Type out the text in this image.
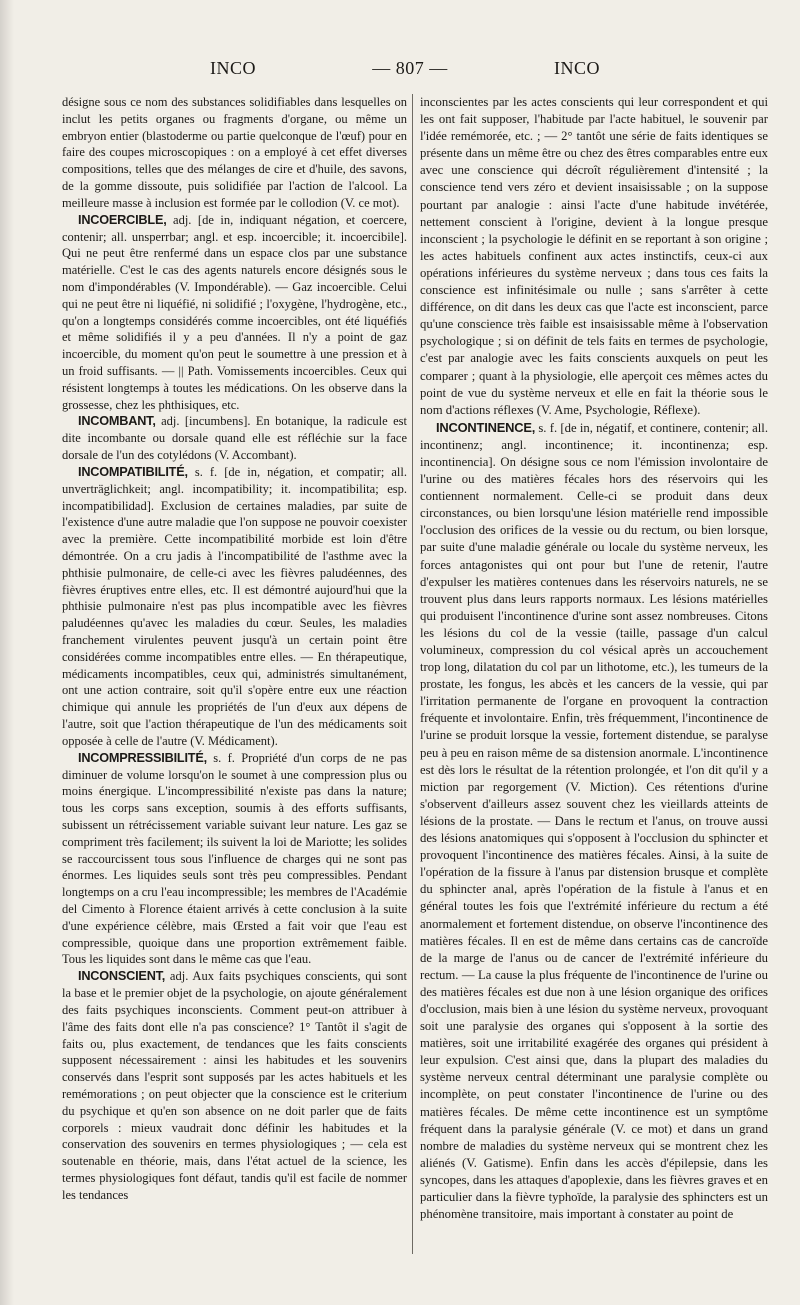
INCO	— 807 —	INCO

désigne sous ce nom des substances solidifiables dans lesquelles on inclut les petits organes ou fragments d'organe, ou même un embryon entier (blastoderme ou partie quelconque de l'œuf) pour en faire des coupes microscopiques : on a employé à cet effet diverses compositions, telles que des mélanges de cire et d'huile, des savons, de la gomme dissoute, puis solidifiée par l'action de l'alcool. La meilleure masse à inclusion est formée par le collodion (V. ce mot).

INCOERCIBLE, adj. [de in, indiquant négation, et coercere, contenir; all. unsperrbar; angl. et esp. incoercible; it. incoercibile]. Qui ne peut être renfermé dans un espace clos par une substance matérielle. C'est le cas des agents naturels encore désignés sous le nom d'impondérables (V. Impondérable). — Gaz incoercible. Celui qui ne peut être ni liquéfié, ni solidifié ; l'oxygène, l'hydrogène, etc., qu'on a longtemps considérés comme incoercibles, ont été liquéfiés et même solidifiés il y a peu d'années. Il n'y a point de gaz incoercible, du moment qu'on peut le soumettre à une pression et à un froid suffisants. — || Path. Vomissements incoercibles. Ceux qui résistent longtemps à toutes les médications. On les observe dans la grossesse, chez les phthisiques, etc.

INCOMBANT, adj. [incumbens]. En botanique, la radicule est dite incombante ou dorsale quand elle est réfléchie sur la face dorsale de l'un des cotylédons (V. Accombant).

INCOMPATIBILITÉ, s. f. [de in, négation, et compatir; all. unverträglichkeit; angl. incompatibility; it. incompatibilita; esp. incompatibilidad]. Exclusion de certaines maladies, par suite de l'existence d'une autre maladie que l'on suppose ne pouvoir coexister avec la première. Cette incompatibilité morbide est loin d'être démontrée. On a cru jadis à l'incompatibilité de l'asthme avec la phthisie pulmonaire, de celle-ci avec les fièvres paludéennes, des fièvres éruptives entre elles, etc. Il est démontré aujourd'hui que la phthisie pulmonaire n'est pas plus incompatible avec les fièvres paludéennes qu'avec les maladies du cœur. Seules, les maladies franchement virulentes peuvent jusqu'à un certain point être considérées comme incompatibles entre elles. — En thérapeutique, médicaments incompatibles, ceux qui, administrés simultanément, ont une action contraire, soit qu'il s'opère entre eux une réaction chimique qui annule les propriétés de l'un d'eux aux dépens de l'autre, soit que l'action thérapeutique de l'un des médicaments soit opposée à celle de l'autre (V. Médicament).

INCOMPRESSIBILITÉ, s. f. Propriété d'un corps de ne pas diminuer de volume lorsqu'on le soumet à une compression plus ou moins énergique. L'incompressibilité n'existe pas dans la nature; tous les corps sans exception, soumis à des efforts suffisants, subissent un rétrécissement variable suivant leur nature. Les gaz se compriment très facilement; ils suivent la loi de Mariotte; les solides se raccourcissent tous sous l'influence de charges qui ne sont pas énormes. Les liquides seuls sont très peu compressibles. Pendant longtemps on a cru l'eau incompressible; les membres de l'Académie del Cimento à Florence étaient arrivés à cette conclusion à la suite d'une expérience célèbre, mais Œrsted a fait voir que l'eau est compressible, quoique dans une proportion extrêmement faible. Tous les liquides sont dans le même cas que l'eau.

INCONSCIENT, adj. Aux faits psychiques conscients, qui sont la base et le premier objet de la psychologie, on ajoute généralement des faits psychiques inconscients. Comment peut-on attribuer à l'âme des faits dont elle n'a pas conscience? 1° Tantôt il s'agit de faits ou, plus exactement, de tendances que les faits conscients supposent nécessairement : ainsi les habitudes et les souvenirs conservés dans l'esprit sont supposés par les actes habituels et les remémorations ; on peut objecter que la conscience est le criterium du psychique et qu'en son absence on ne doit parler que de faits corporels : mieux vaudrait donc définir les habitudes et la conservation des souvenirs en termes physiologiques ; — cela est soutenable en théorie, mais, dans l'état actuel de la science, les termes physiologiques font défaut, tandis qu'il est facile de nommer les tendances

inconscientes par les actes conscients qui leur correspondent et qui les ont fait supposer, l'habitude par l'acte habituel, le souvenir par l'idée remémorée, etc. ; — 2° tantôt une série de faits identiques se présente dans un même être ou chez des êtres comparables entre eux avec une conscience qui décroît régulièrement d'intensité ; la conscience tend vers zéro et devient insaisissable ; on la suppose pourtant par analogie : ainsi l'acte d'une habitude invétérée, nettement conscient à l'origine, devient à la longue presque inconscient ; la psychologie le définit en se reportant à son origine ; les actes habituels confinent aux actes instinctifs, ceux-ci aux opérations inférieures du système nerveux ; dans tous ces faits la conscience est infinitésimale ou nulle ; sans s'arrêter à cette différence, on dit dans les deux cas que l'acte est inconscient, parce qu'une conscience très faible est insaisissable même à l'observation psychologique ; si on définit de tels faits en termes de psychologie, c'est par analogie avec les faits conscients auxquels on peut les comparer ; quant à la physiologie, elle aperçoit ces mêmes actes du point de vue du système nerveux et elle en fait la théorie sous le nom d'actions réflexes (V. Ame, Psychologie, Réflexe).

INCONTINENCE, s. f. [de in, négatif, et continere, contenir; all. incontinenz; angl. incontinence; it. incontinenza; esp. incontinencia]. On désigne sous ce nom l'émission involontaire de l'urine ou des matières fécales hors des réservoirs qui les contiennent normalement. Celle-ci se produit dans deux circonstances, ou bien lorsqu'une lésion matérielle rend impossible l'occlusion des orifices de la vessie ou du rectum, ou bien lorsque, par suite d'une maladie générale ou locale du système nerveux, les forces antagonistes qui ont pour but l'une de retenir, l'autre d'expulser les matières contenues dans les réservoirs naturels, ne se trouvent plus dans leurs rapports normaux. Les lésions matérielles qui produisent l'incontinence d'urine sont assez nombreuses. Citons les lésions du col de la vessie (taille, passage d'un calcul volumineux, compression du col vésical après un accouchement trop long, dilatation du col par un lithotome, etc.), les tumeurs de la prostate, les fongus, les abcès et les cancers de la vessie, qui par l'irritation permanente de l'organe en provoquent la contraction fréquente et involontaire. Enfin, très fréquemment, l'incontinence de l'urine se produit lorsque la vessie, fortement distendue, se paralyse peu à peu en raison même de sa distension anormale. L'incontinence est dès lors le résultat de la rétention prolongée, et l'on dit qu'il y a miction par regorgement (V. Miction). Ces rétentions d'urine s'observent d'ailleurs assez souvent chez les vieillards atteints de lésions de la prostate. — Dans le rectum et l'anus, on trouve aussi des lésions anatomiques qui s'opposent à l'occlusion du sphincter et provoquent l'incontinence des matières fécales. Ainsi, à la suite de l'opération de la fissure à l'anus par distension brusque et complète du sphincter anal, après l'opération de la fistule à l'anus et en général toutes les fois que l'extrémité inférieure du rectum a été anormalement et fortement distendue, on observe l'incontinence des matières fécales. Il en est de même dans certains cas de cancroïde de la marge de l'anus ou de cancer de l'extrémité inférieure du rectum. — La cause la plus fréquente de l'incontinence de l'urine ou des matières fécales est due non à une lésion organique des orifices d'occlusion, mais bien à une lésion du système nerveux, provoquant soit une paralysie des organes qui s'opposent à la sortie des matières, soit une irritabilité exagérée des organes qui président à leur expulsion. C'est ainsi que, dans la plupart des maladies du système nerveux central déterminant une paralysie complète ou incomplète, on peut constater l'incontinence de l'urine ou des matières fécales. De même cette incontinence est un symptôme fréquent dans la paralysie générale (V. ce mot) et dans un grand nombre de maladies du système nerveux qui se montrent chez les aliénés (V. Gatisme). Enfin dans les accès d'épilepsie, dans les syncopes, dans les attaques d'apoplexie, dans les fièvres graves et en particulier dans la fièvre typhoïde, la paralysie des sphincters est un phénomène transitoire, mais important à constater au point de
